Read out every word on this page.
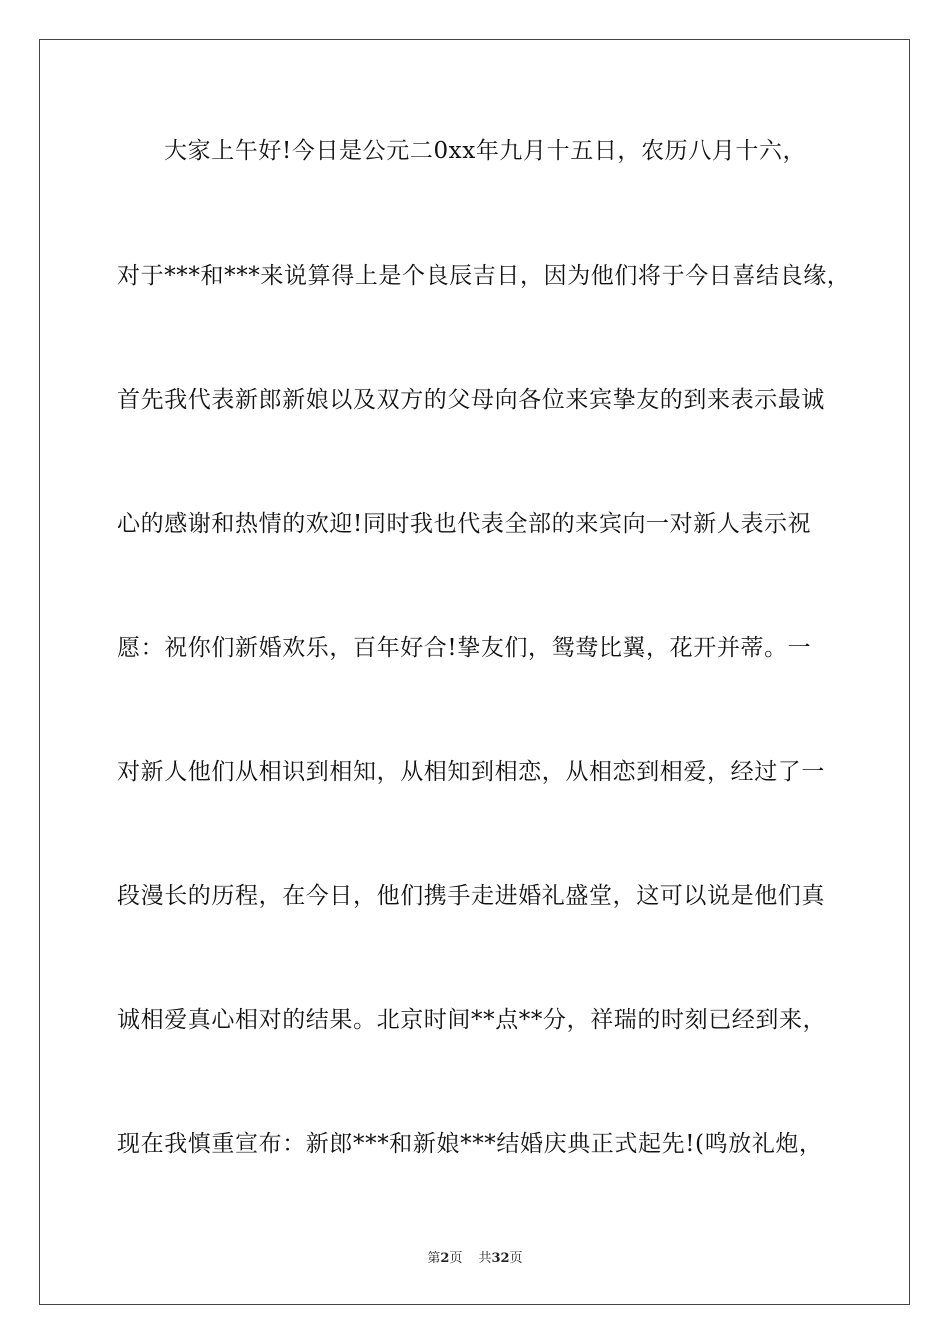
大家上午好!今日是公元二0xx年九月十五日，农历八月十六，
对于***和***来说算得上是个良辰吉日，因为他们将于今日喜结良缘，
首先我代表新郎新娘以及双方的父母向各位来宾挚友的到来表示最诚
心的感谢和热情的欢迎!同时我也代表全部的来宾向一对新人表示祝
愿：祝你们新婚欢乐，百年好合!挚友们，鸳鸯比翼，花开并蒂。一
对新人他们从相识到相知，从相知到相恋，从相恋到相爱，经过了一
段漫长的历程，在今日，他们携手走进婚礼盛堂，这可以说是他们真
诚相爱真心相对的结果。北京时间**点**分，祥瑞的时刻已经到来，
现在我慎重宣布：新郎***和新娘***结婚庆典正式起先!(鸣放礼炮，
第2页 共32页
